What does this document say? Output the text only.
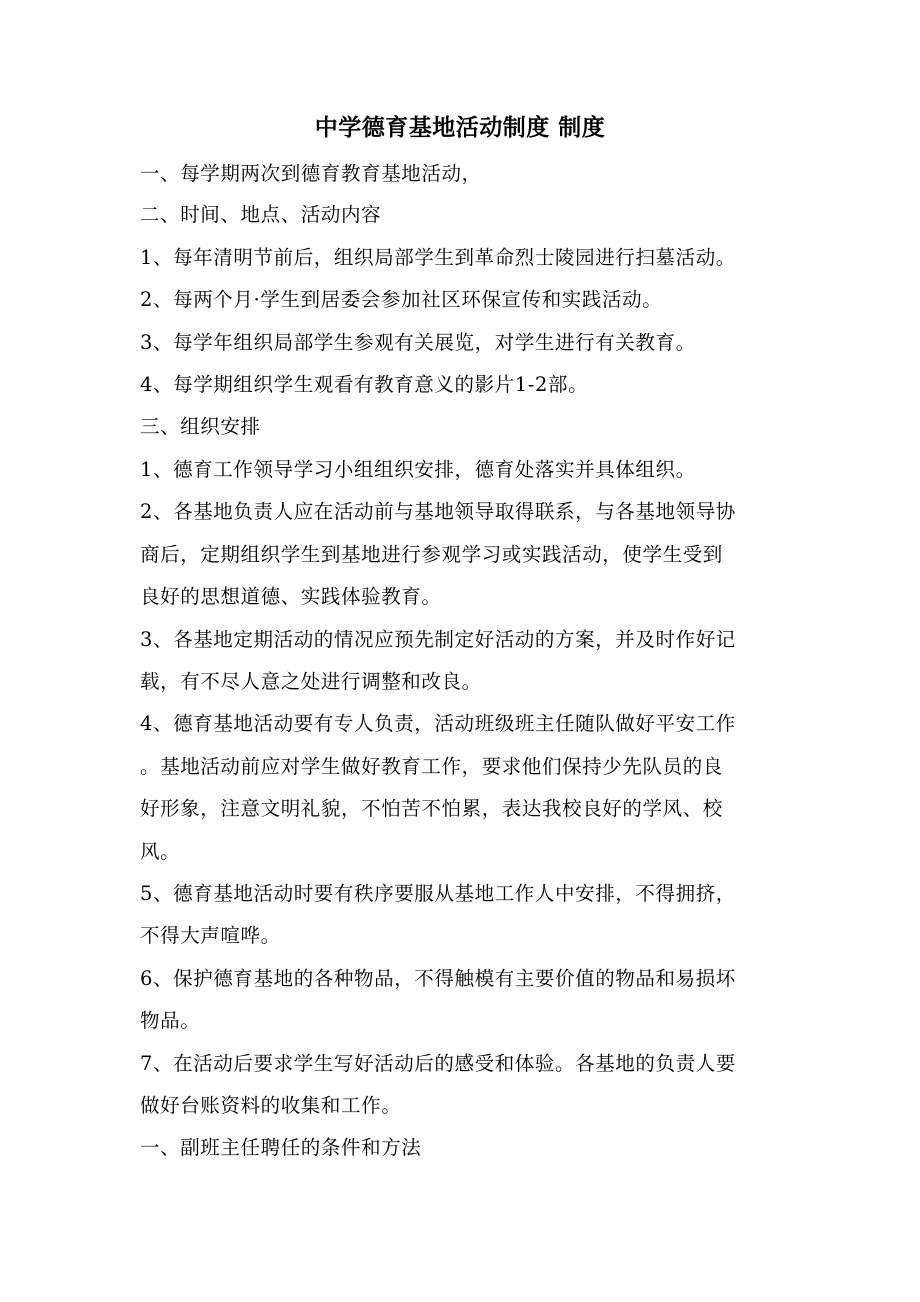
中学德育基地活动制度 制度
一、每学期两次到德育教育基地活动，
二、时间、地点、活动内容
1、每年清明节前后，组织局部学生到革命烈士陵园进行扫墓活动。
2、每两个月·学生到居委会参加社区环保宣传和实践活动。
3、每学年组织局部学生参观有关展览，对学生进行有关教育。
4、每学期组织学生观看有教育意义的影片1-2部。
三、组织安排
1、德育工作领导学习小组组织安排，德育处落实并具体组织。
2、各基地负责人应在活动前与基地领导取得联系，与各基地领导协
商后，定期组织学生到基地进行参观学习或实践活动，使学生受到
良好的思想道德、实践体验教育。
3、各基地定期活动的情况应预先制定好活动的方案，并及时作好记
载，有不尽人意之处进行调整和改良。
4、德育基地活动要有专人负责，活动班级班主任随队做好平安工作
。基地活动前应对学生做好教育工作，要求他们保持少先队员的良
好形象，注意文明礼貌，不怕苦不怕累，表达我校良好的学风、校
风。
5、德育基地活动时要有秩序要服从基地工作人中安排，不得拥挤，
不得大声喧哗。
6、保护德育基地的各种物品，不得触模有主要价值的物品和易损坏
物品。
7、在活动后要求学生写好活动后的感受和体验。各基地的负责人要
做好台账资料的收集和工作。
一、副班主任聘任的条件和方法
